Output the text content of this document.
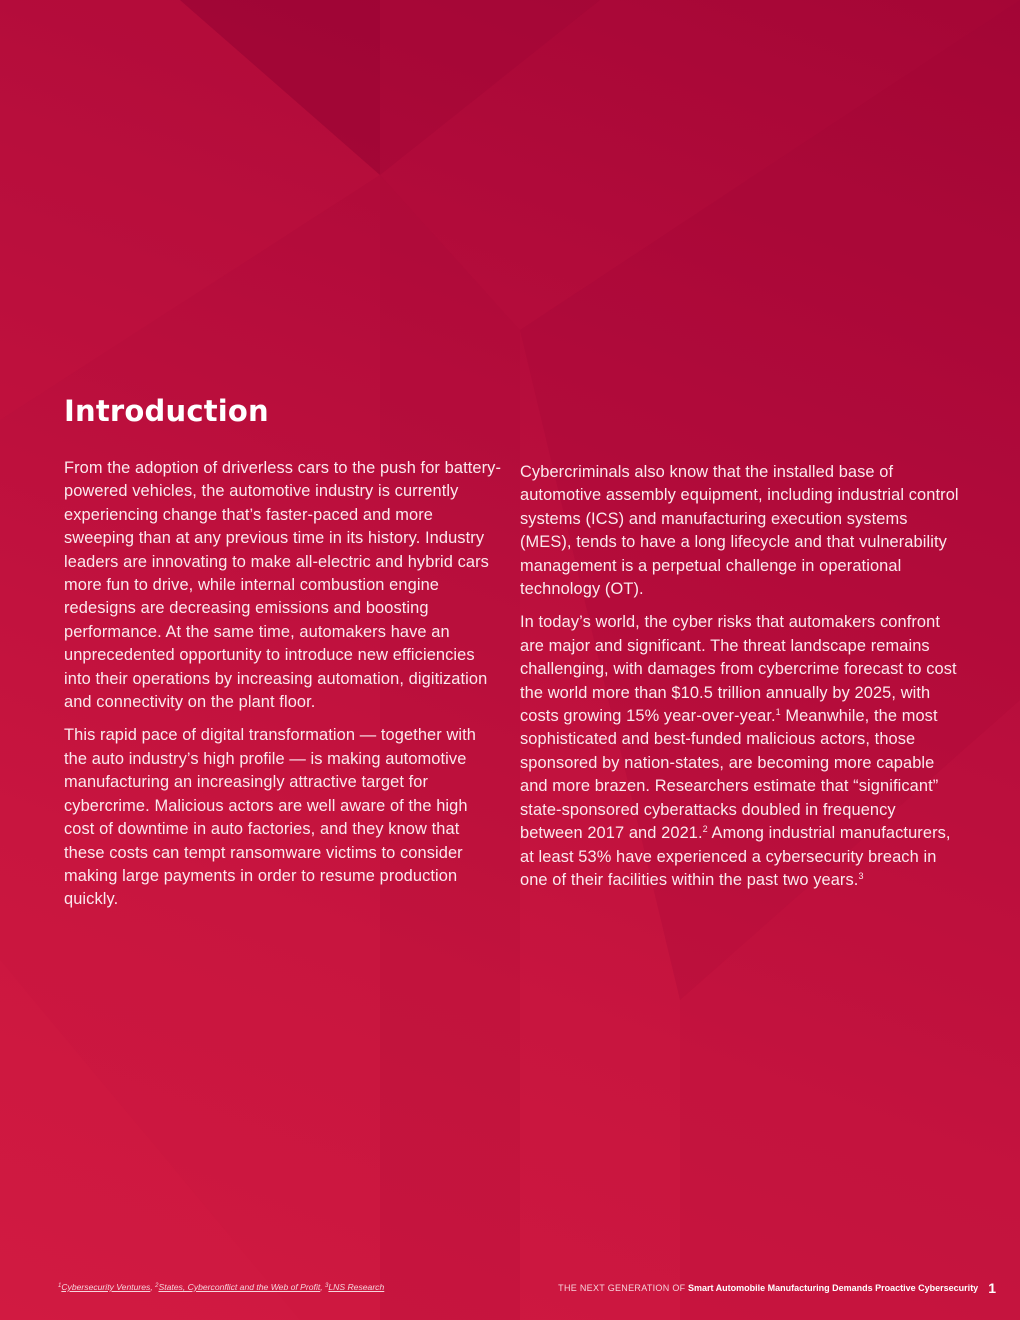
Introduction

From the adoption of driverless cars to the push for battery-powered vehicles, the automotive industry is currently experiencing change that’s faster-paced and more sweeping than at any previous time in its history. Industry leaders are innovating to make all-electric and hybrid cars more fun to drive, while internal combustion engine redesigns are decreasing emissions and boosting performance. At the same time, automakers have an unprecedented opportunity to introduce new efficiencies into their operations by increasing automation, digitization and connectivity on the plant floor.

This rapid pace of digital transformation — together with the auto industry’s high profile — is making automotive manufacturing an increasingly attractive target for cybercrime. Malicious actors are well aware of the high cost of downtime in auto factories, and they know that these costs can tempt ransomware victims to consider making large payments in order to resume production quickly.

Cybercriminals also know that the installed base of automotive assembly equipment, including industrial control systems (ICS) and manufacturing execution systems (MES), tends to have a long lifecycle and that vulnerability management is a perpetual challenge in operational technology (OT).

In today’s world, the cyber risks that automakers confront are major and significant. The threat landscape remains challenging, with damages from cybercrime forecast to cost the world more than $10.5 trillion annually by 2025, with costs growing 15% year-over-year.$^1$ Meanwhile, the most sophisticated and best-funded malicious actors, those sponsored by nation-states, are becoming more capable and more brazen. Researchers estimate that “significant” state-sponsored cyberattacks doubled in frequency between 2017 and 2021.$^2$ Among industrial manufacturers, at least 53% have experienced a cybersecurity breach in one of their facilities within the past two years.$^3$

$^1$Cybersecurity Ventures, $^2$States, Cyberconflict and the Web of Profit, $^3$LNS Research	THE NEXT GENERATION OF Smart Automobile Manufacturing Demands Proactive Cybersecurity 1
